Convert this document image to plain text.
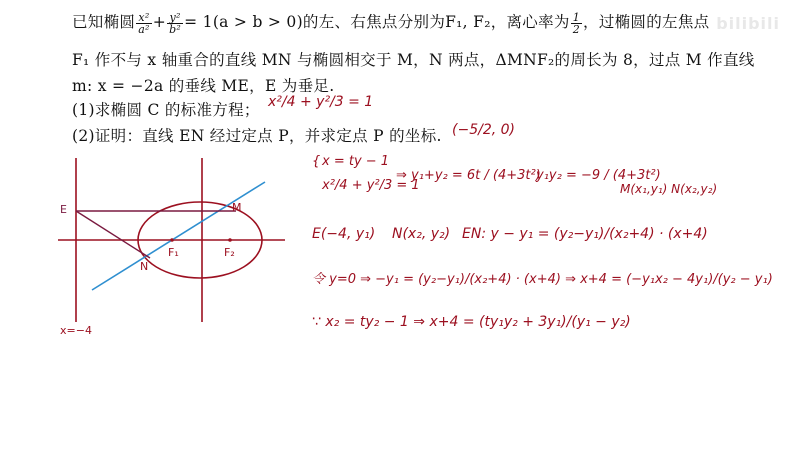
bilibili
已知椭圆 $\frac{\text{x²}}{\text{a²}} + \frac{\text{y²}}{\text{b²}} = 1(a > b > 0)$的左、右焦点分别为F₁, F₂，离心率为 $\frac{1}{2}$ ，过椭圆的左焦点
F₁ 作不与 x 轴重合的直线 MN 与椭圆相交于 M，N 两点，ΔMNF₂的周长为 8，过点 M 作直线
m: x = −2a 的垂线 ME，E 为垂足.
(1)求椭圆 C 的标准方程； x²/4 + y²/3 = 1
(2)证明：直线 EN 经过定点 P，并求定点 P 的坐标. (−5/2, 0)
E	M
N
F₁	F₂
x=−4
{ x = ty − 1
x²/4 + y²/3 = 1
⇒ y₁+y₂ = 6t / (4+3t²)
y₁y₂ = −9 / (4+3t²)
M(x₁,y₁) N(x₂,y₂)
E(−4, y₁) N(x₂, y₂) EN: y − y₁ = (y₂−y₁)/(x₂+4) · (x+4)
令 y=0 ⇒ −y₁ = (y₂−y₁)/(x₂+4) · (x+4) ⇒ x+4 = (−y₁x₂ − 4y₁)/(y₂ − y₁)
∵ x₂ = ty₂ − 1 ⇒ x+4 = (ty₁y₂ + 3y₁)/(y₁ − y₂)
